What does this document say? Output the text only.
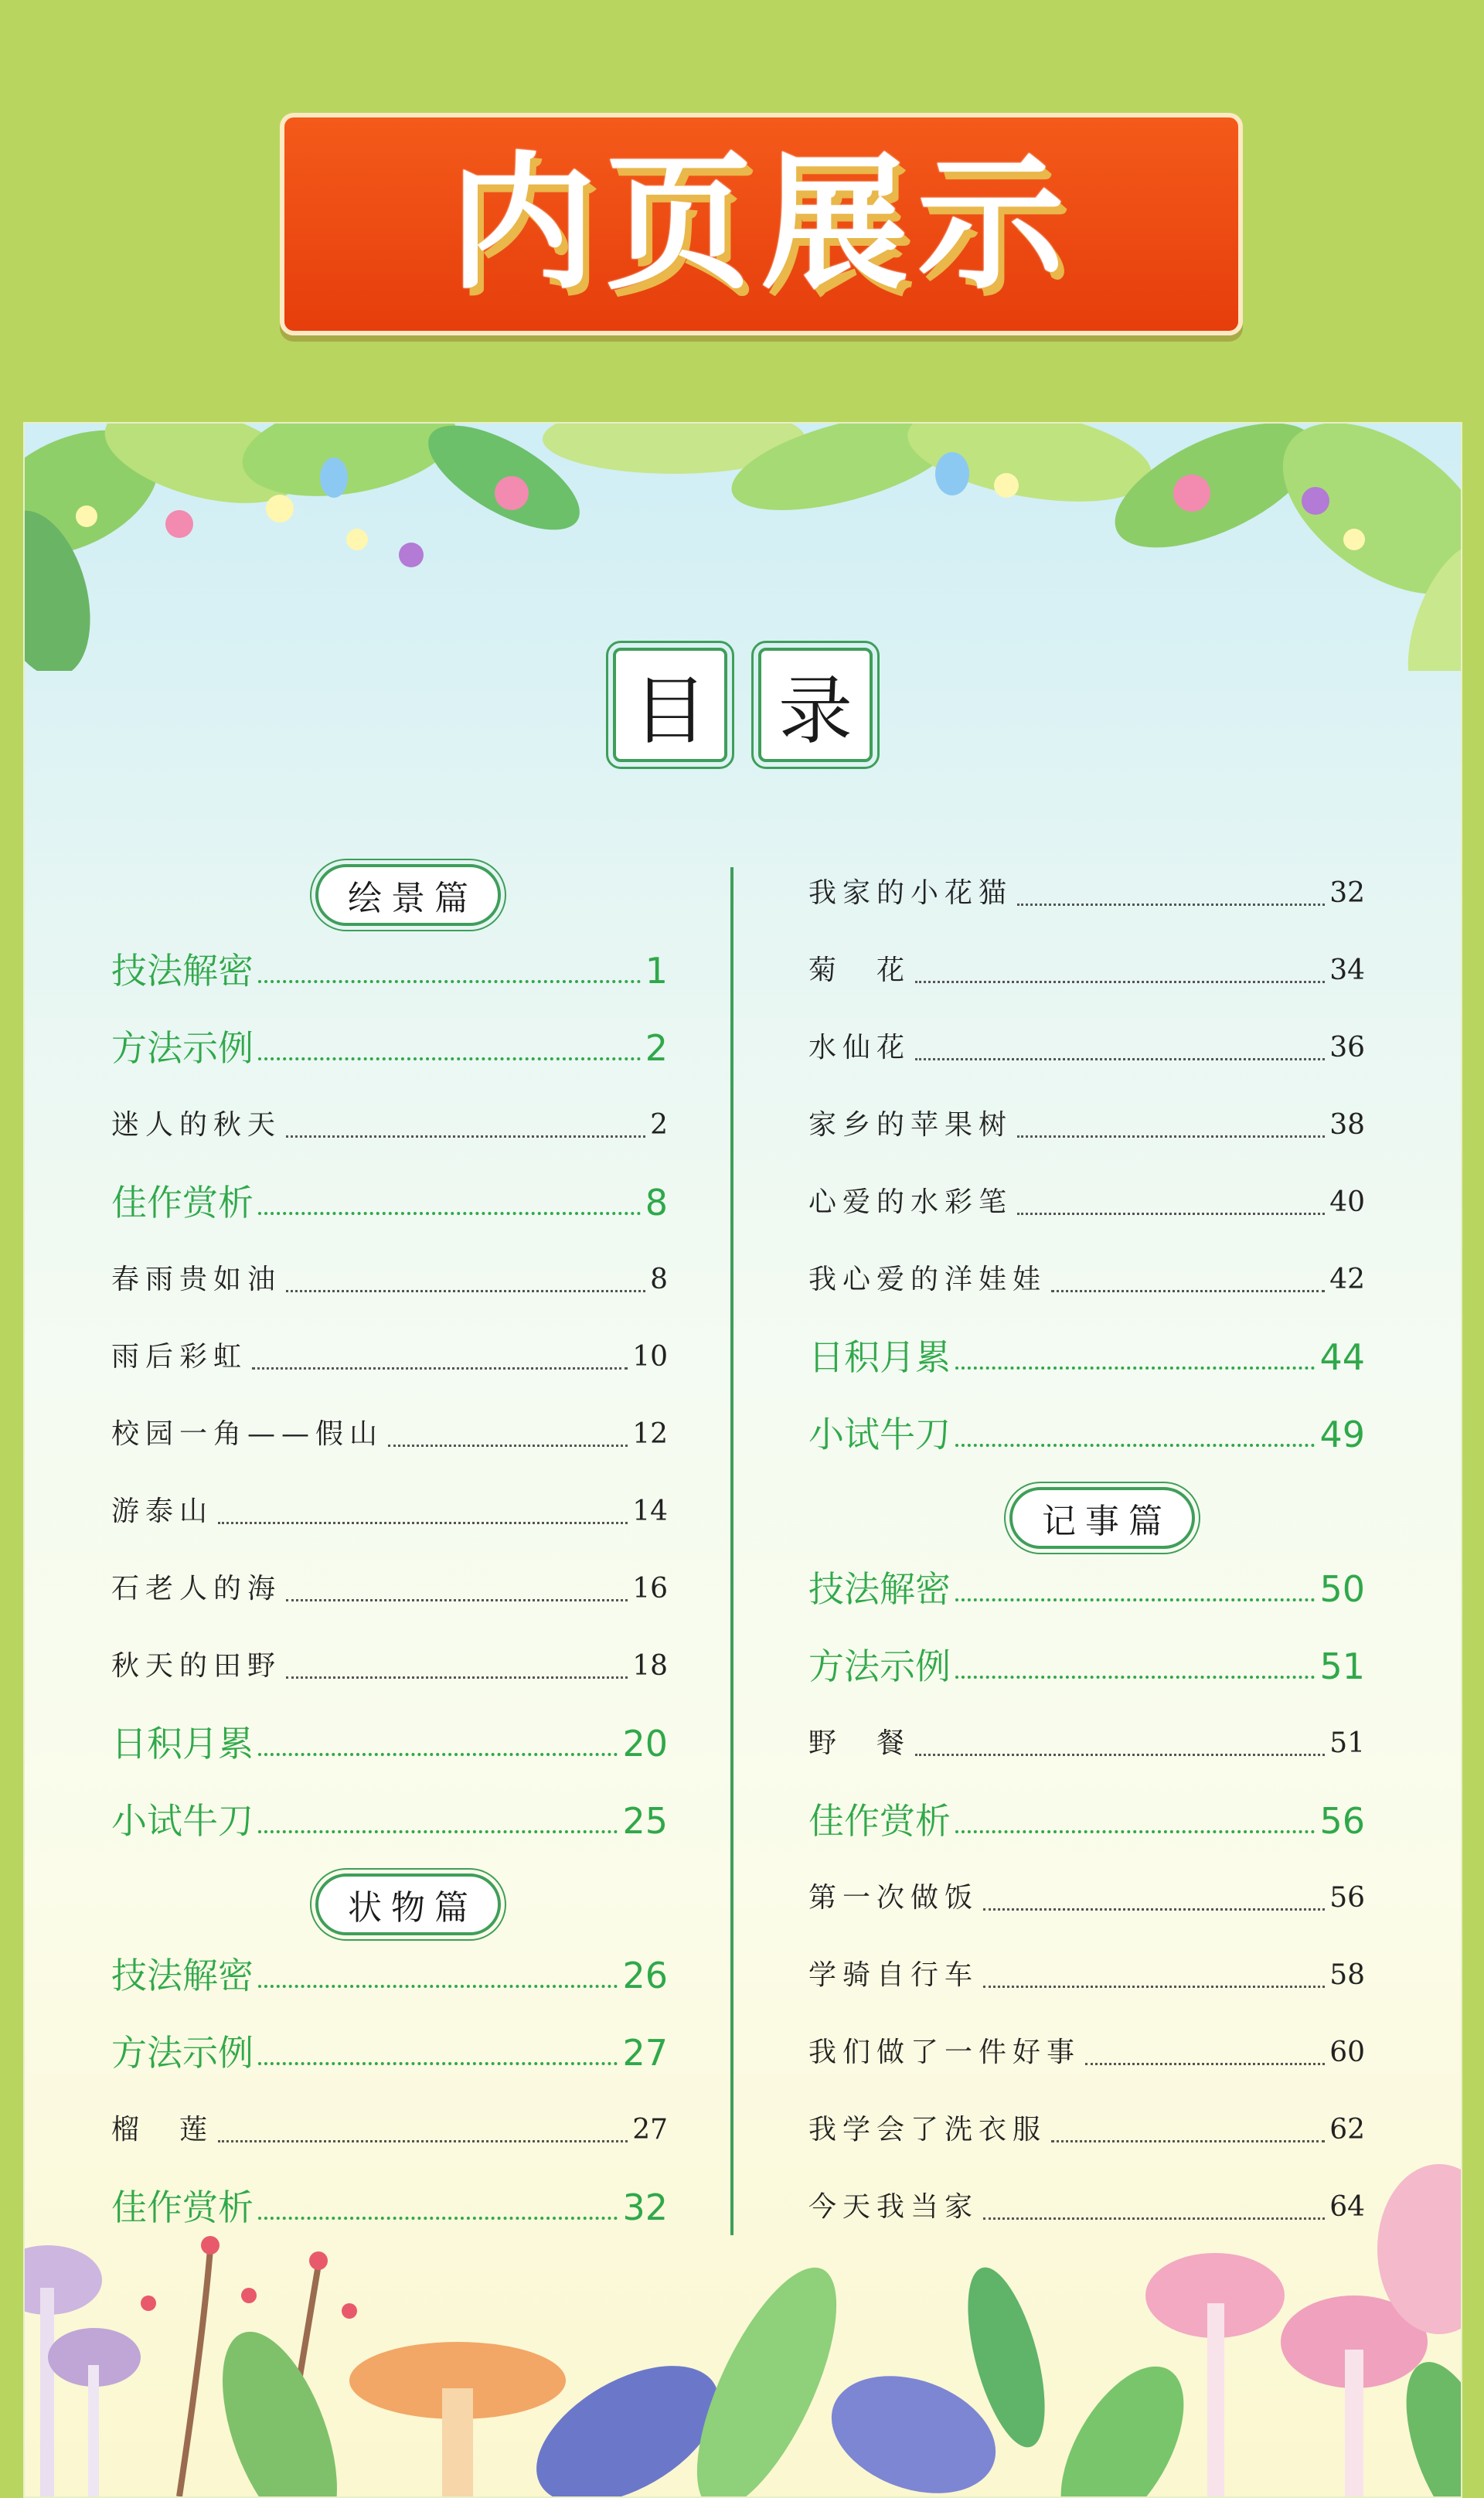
内页展示
目 录
绘景篇
技法解密	1
方法示例	2
迷人的秋天	2
佳作赏析	8
春雨贵如油	8
雨后彩虹	10
校园一角——假山	12
游泰山	14
石老人的海	16
秋天的田野	18
日积月累	20
小试牛刀	25
状物篇
技法解密	26
方法示例	27
榴　莲	27
佳作赏析	32
我家的小花猫	32
菊　花	34
水仙花	36
家乡的苹果树	38
心爱的水彩笔	40
我心爱的洋娃娃	42
日积月累	44
小试牛刀	49
记事篇
技法解密	50
方法示例	51
野　餐	51
佳作赏析	56
第一次做饭	56
学骑自行车	58
我们做了一件好事	60
我学会了洗衣服	62
今天我当家	64
